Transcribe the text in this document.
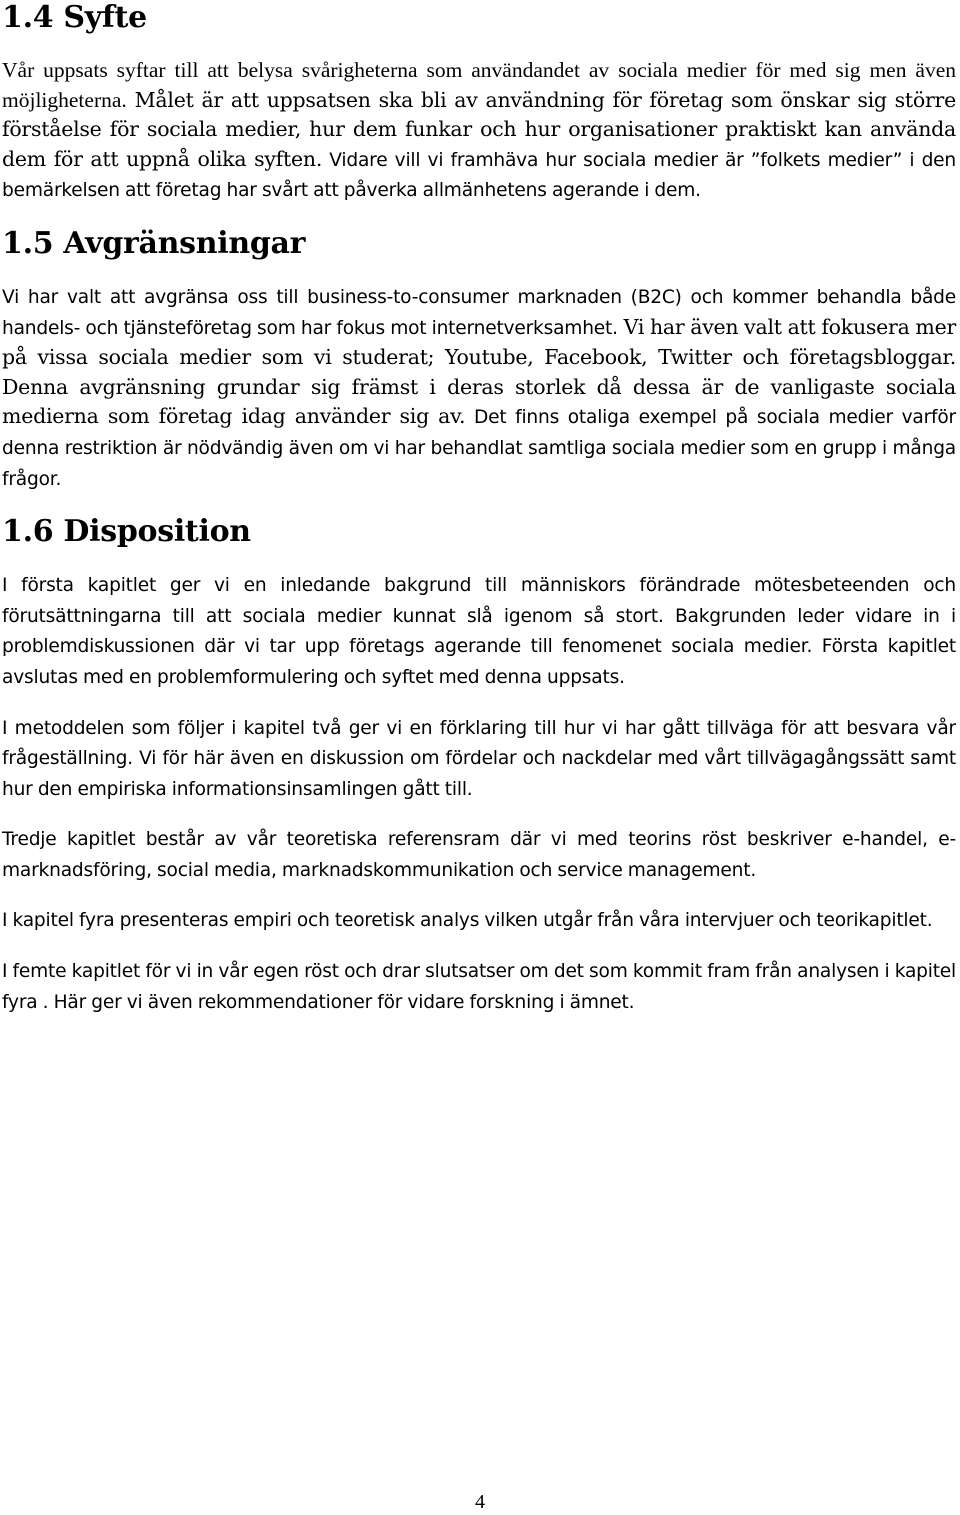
1.4 Syfte

Vår uppsats syftar till att belysa svårigheterna som användandet av sociala medier för med sig men även möjligheterna. Målet är att uppsatsen ska bli av användning för företag som önskar sig större förståelse för sociala medier, hur dem funkar och hur organisationer praktiskt kan använda dem för att uppnå olika syften. Vidare vill vi framhäva hur sociala medier är ”folkets medier” i den bemärkelsen att företag har svårt att påverka allmänhetens agerande i dem.

1.5 Avgränsningar

Vi har valt att avgränsa oss till business-to-consumer marknaden (B2C) och kommer behandla både handels- och tjänsteföretag som har fokus mot internetverksamhet. Vi har även valt att fokusera mer på vissa sociala medier som vi studerat; Youtube, Facebook, Twitter och företagsbloggar. Denna avgränsning grundar sig främst i deras storlek då dessa är de vanligaste sociala medierna som företag idag använder sig av. Det finns otaliga exempel på sociala medier varför denna restriktion är nödvändig även om vi har behandlat samtliga sociala medier som en grupp i många frågor.

1.6 Disposition

I första kapitlet ger vi en inledande bakgrund till människors förändrade mötesbeteenden och förutsättningarna till att sociala medier kunnat slå igenom så stort. Bakgrunden leder vidare in i problemdiskussionen där vi tar upp företags agerande till fenomenet sociala medier. Första kapitlet avslutas med en problemformulering och syftet med denna uppsats.

I metoddelen som följer i kapitel två ger vi en förklaring till hur vi har gått tillväga för att besvara vår frågeställning. Vi för här även en diskussion om fördelar och nackdelar med vårt tillvägagångssätt samt hur den empiriska informationsinsamlingen gått till.

Tredje kapitlet består av vår teoretiska referensram där vi med teorins röst beskriver e-handel, e-marknadsföring, social media, marknadskommunikation och service management.

I kapitel fyra presenteras empiri och teoretisk analys vilken utgår från våra intervjuer och teorikapitlet.

I femte kapitlet för vi in vår egen röst och drar slutsatser om det som kommit fram från analysen i kapitel fyra . Här ger vi även rekommendationer för vidare forskning i ämnet.

4
